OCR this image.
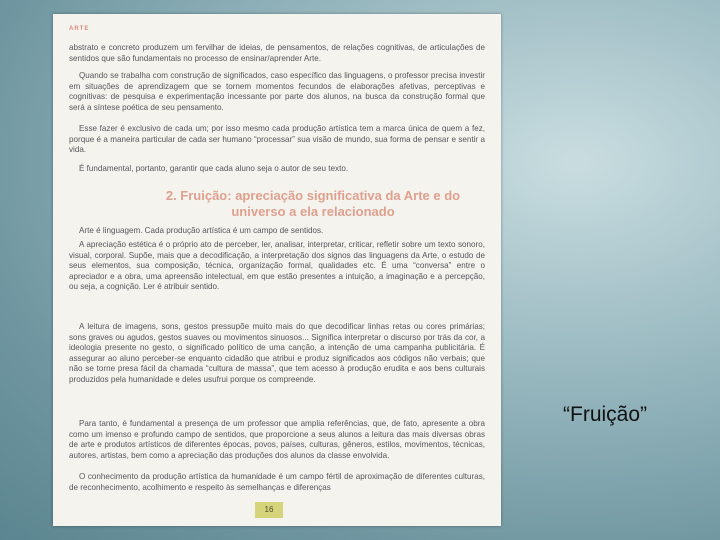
ARTE

abstrato e concreto produzem um fervilhar de ideias, de pensamentos, de relações cognitivas, de articulações de sentidos que são fundamentais no processo de ensinar/aprender Arte.

Quando se trabalha com construção de significados, caso específico das linguagens, o professor precisa investir em situações de aprendizagem que se tornem momentos fecundos de elaborações afetivas, perceptivas e cognitivas: de pesquisa e experimentação incessante por parte dos alunos, na busca da construção formal que será a síntese poética de seu pensamento.

Esse fazer é exclusivo de cada um; por isso mesmo cada produção artística tem a marca única de quem a fez, porque é a maneira particular de cada ser humano “processar” sua visão de mundo, sua forma de pensar e sentir a vida.

É fundamental, portanto, garantir que cada aluno seja o autor de seu texto.

2. Fruição: apreciação significativa da Arte e do universo a ela relacionado

Arte é linguagem. Cada produção artística é um campo de sentidos.

A apreciação estética é o próprio ato de perceber, ler, analisar, interpretar, criticar, refletir sobre um texto sonoro, visual, corporal. Supõe, mais que a decodificação, a interpretação dos signos das linguagens da Arte, o estudo de seus elementos, sua composição, técnica, organização formal, qualidades etc. É uma “conversa” entre o apreciador e a obra, uma apreensão intelectual, em que estão presentes a intuição, a imaginação e a percepção, ou seja, a cognição. Ler é atribuir sentido.

A leitura de imagens, sons, gestos pressupõe muito mais do que decodificar linhas retas ou cores primárias; sons graves ou agudos, gestos suaves ou movimentos sinuosos... Significa interpretar o discurso por trás da cor, a ideologia presente no gesto, o significado político de uma canção, a intenção de uma campanha publicitária. É assegurar ao aluno perceber-se enquanto cidadão que atribui e produz significados aos códigos não verbais; que não se torne presa fácil da chamada “cultura de massa”, que tem acesso à produção erudita e aos bens culturais produzidos pela humanidade e deles usufrui porque os compreende.

Para tanto, é fundamental a presença de um professor que amplia referências, que, de fato, apresente a obra como um imenso e profundo campo de sentidos, que proporcione a seus alunos a leitura das mais diversas obras de arte e produtos artísticos de diferentes épocas, povos, países, culturas, gêneros, estilos, movimentos, técnicas, autores, artistas, bem como a apreciação das produções dos alunos da classe envolvida.

O conhecimento da produção artística da humanidade é um campo fértil de aproximação de diferentes culturas, de reconhecimento, acolhimento e respeito às semelhanças e diferenças

16
“Fruição”
